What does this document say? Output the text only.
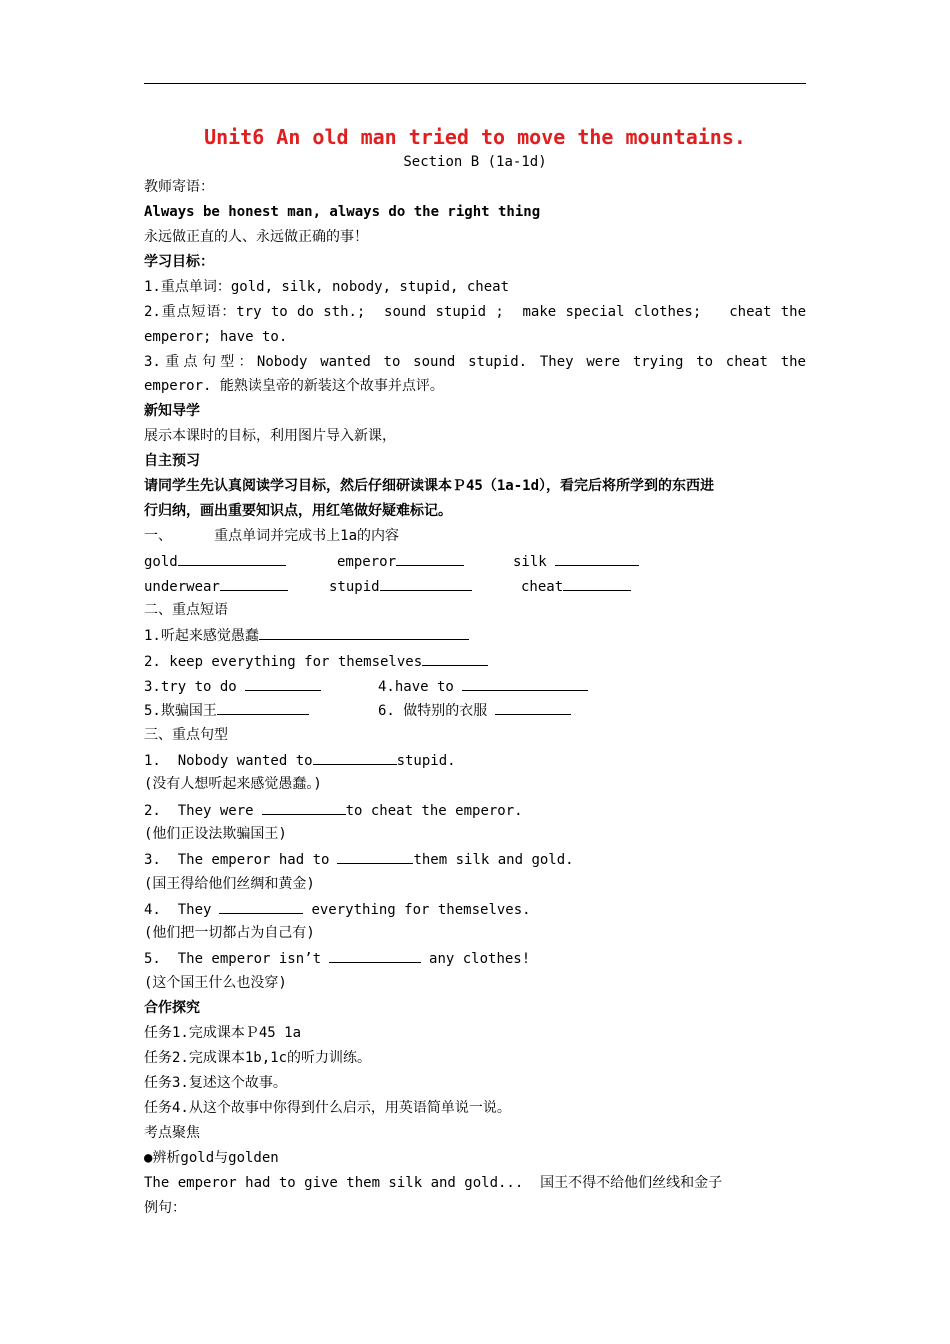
Unit6 An old man tried to move the mountains.
Section B (1a-1d)
教师寄语：
Always be honest man, always do the right thing
永远做正直的人、永远做正确的事！
学习目标：
1.重点单词：gold, silk, nobody, stupid, cheat
2.重点短语：try to do sth.;  sound stupid ;  make special clothes;   cheat the
emperor; have to.
3.重点句型：Nobody wanted to sound stupid. They were trying to cheat the
emperor. 能熟读皇帝的新装这个故事并点评。
新知导学
展示本课时的目标，利用图片导入新课，
自主预习
请同学生先认真阅读学习目标，然后仔细研读课本Ｐ45（1a-1d），看完后将所学到的东西进
行归纳，画出重要知识点，用红笔做好疑难标记。
一、     重点单词并完成书上1a的内容
gold	emperor	silk
underwear	stupid	cheat
二、重点短语
1.听起来感觉愚蠢
2. keep everything for themselves
3.try to do	4.have to
5.欺骗国王	6. 做特别的衣服
三、重点句型
1.  Nobody wanted to	stupid.
(没有人想听起来感觉愚蠢。)
2.  They were	to cheat the emperor.
(他们正设法欺骗国王)
3.  The emperor had to	them silk and gold.
(国王得给他们丝绸和黄金)
4.  They	everything for themselves.
(他们把一切都占为自己有)
5.  The emperor isn’t	any clothes!
(这个国王什么也没穿)
合作探究
任务1.完成课本Ｐ45 1a
任务2.完成课本1b,1c的听力训练。
任务3.复述这个故事。
任务4.从这个故事中你得到什么启示，用英语简单说一说。
考点聚焦
●辨析gold与golden
The emperor had to give them silk and gold...  国王不得不给他们丝线和金子
例句：
